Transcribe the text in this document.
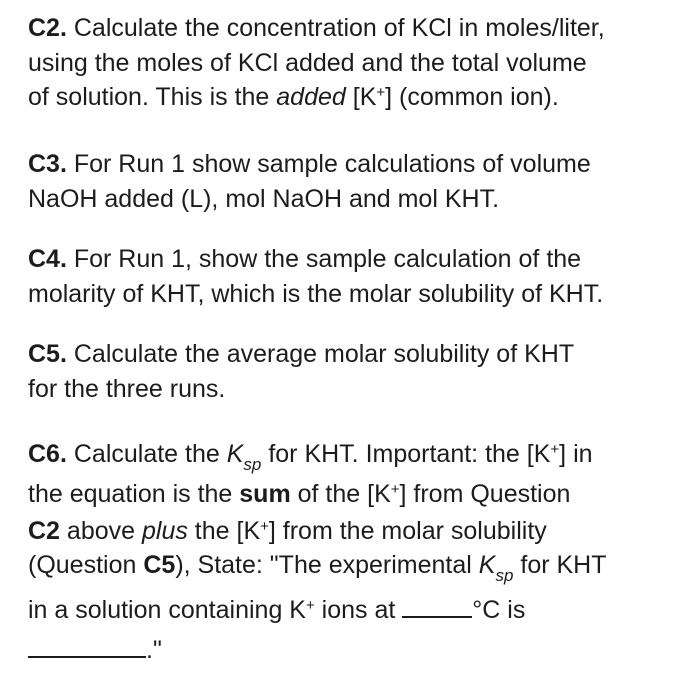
C2. Calculate the concentration of KCl in moles/liter,
using the moles of KCl added and the total volume
of solution. This is the added [K+] (common ion).
C3. For Run 1 show sample calculations of volume
NaOH added (L), mol NaOH and mol KHT.
C4. For Run 1, show the sample calculation of the
molarity of KHT, which is the molar solubility of KHT.
C5. Calculate the average molar solubility of KHT
for the three runs.
C6. Calculate the $K_{sp}$ for KHT. Important: the [K+] in
the equation is the sum of the [K+] from Question
C2 above plus the [K+] from the molar solubility
(Question C5), State: "The experimental $K_{sp}$ for KHT
in a solution containing K+ ions at	°C is
."
